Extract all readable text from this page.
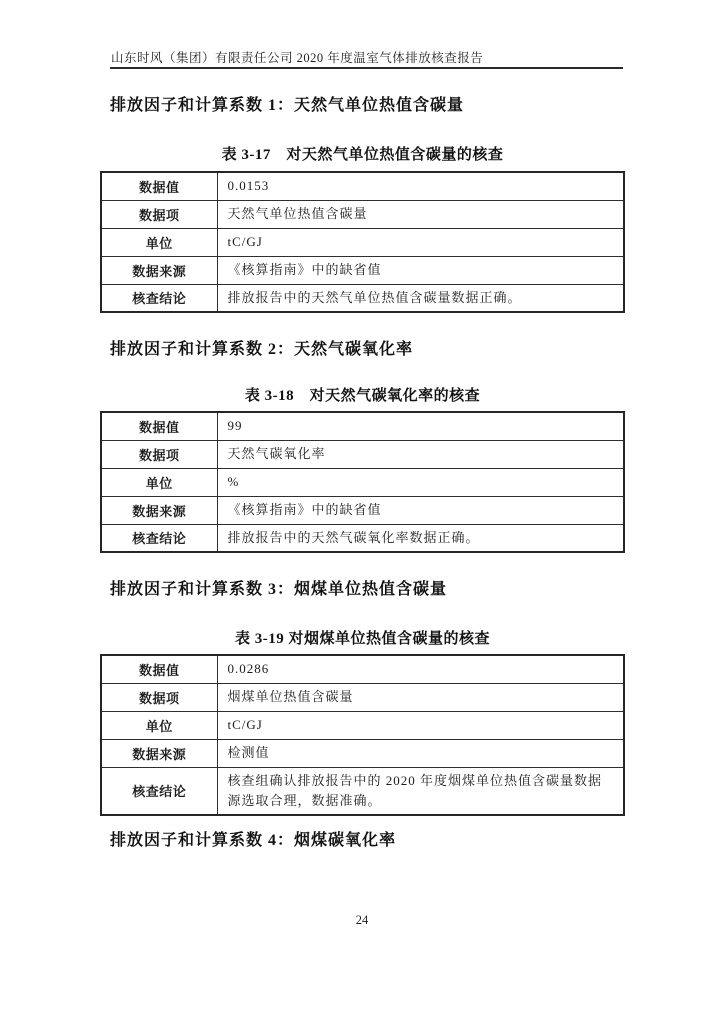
山东时风（集团）有限责任公司 2020 年度温室气体排放核查报告
排放因子和计算系数 1：天然气单位热值含碳量
表 3-17　对天然气单位热值含碳量的核查
数据值	0.0153
数据项	天然气单位热值含碳量
单位	tC/GJ
数据来源	《核算指南》中的缺省值
核查结论	排放报告中的天然气单位热值含碳量数据正确。
排放因子和计算系数 2：天然气碳氧化率
表 3-18　对天然气碳氧化率的核查
数据值	99
数据项	天然气碳氧化率
单位	%
数据来源	《核算指南》中的缺省值
核查结论	排放报告中的天然气碳氧化率数据正确。
排放因子和计算系数 3：烟煤单位热值含碳量
表 3-19 对烟煤单位热值含碳量的核查
数据值	0.0286
数据项	烟煤单位热值含碳量
单位	tC/GJ
数据来源	检测值
核查结论	核查组确认排放报告中的 2020 年度烟煤单位热值含碳量数据源选取合理，数据准确。
排放因子和计算系数 4：烟煤碳氧化率
24
